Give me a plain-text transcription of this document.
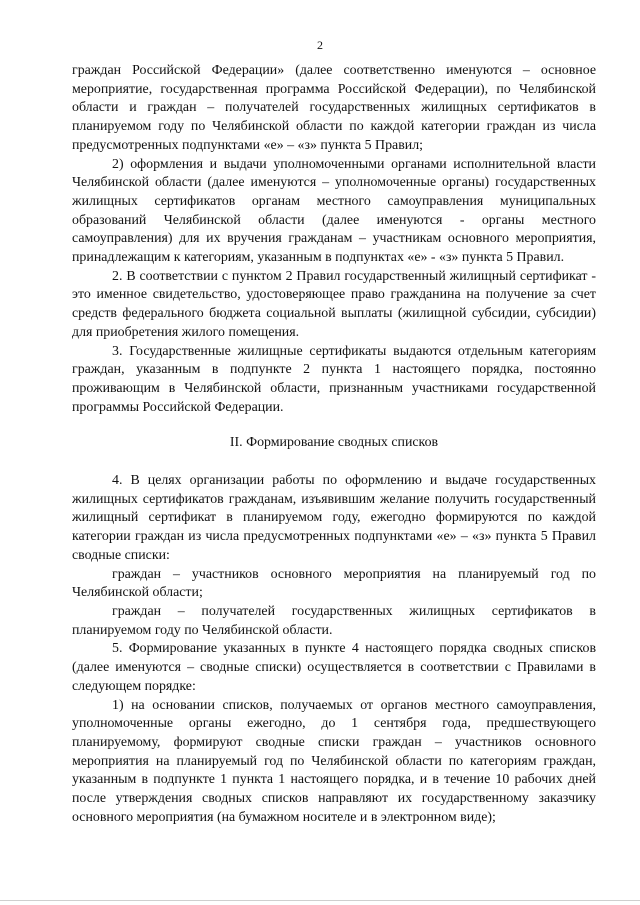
2

граждан Российской Федерации» (далее соответственно именуются – основное мероприятие, государственная программа Российской Федерации), по Челябинской области и граждан – получателей государственных жилищных сертификатов в планируемом году по Челябинской области по каждой категории граждан из числа предусмотренных подпунктами «е» – «з» пункта 5 Правил;

2) оформления и выдачи уполномоченными органами исполнительной власти Челябинской области (далее именуются – уполномоченные органы) государственных жилищных сертификатов органам местного самоуправления муниципальных образований Челябинской области (далее именуются - органы местного самоуправления) для их вручения гражданам – участникам основного мероприятия, принадлежащим к категориям, указанным в подпунктах «е» - «з» пункта 5 Правил.

2. В соответствии с пунктом 2 Правил государственный жилищный сертификат - это именное свидетельство, удостоверяющее право гражданина на получение за счет средств федерального бюджета социальной выплаты (жилищной субсидии, субсидии) для приобретения жилого помещения.

3. Государственные жилищные сертификаты выдаются отдельным категориям граждан, указанным в подпункте 2 пункта 1 настоящего порядка, постоянно проживающим в Челябинской области, признанным участниками государственной программы Российской Федерации.

II. Формирование сводных списков

4. В целях организации работы по оформлению и выдаче государственных жилищных сертификатов гражданам, изъявившим желание получить государственный жилищный сертификат в планируемом году, ежегодно формируются по каждой категории граждан из числа предусмотренных подпунктами «е» – «з» пункта 5 Правил сводные списки:

граждан – участников основного мероприятия на планируемый год по Челябинской области;

граждан – получателей государственных жилищных сертификатов в планируемом году по Челябинской области.

5. Формирование указанных в пункте 4 настоящего порядка сводных списков (далее именуются – сводные списки) осуществляется в соответствии с Правилами в следующем порядке:

1) на основании списков, получаемых от органов местного самоуправления, уполномоченные органы ежегодно, до 1 сентября года, предшествующего планируемому, формируют сводные списки граждан – участников основного мероприятия на планируемый год по Челябинской области по категориям граждан, указанным в подпункте 1 пункта 1 настоящего порядка, и в течение 10 рабочих дней после утверждения сводных списков направляют их государственному заказчику основного мероприятия (на бумажном носителе и в электронном виде);
